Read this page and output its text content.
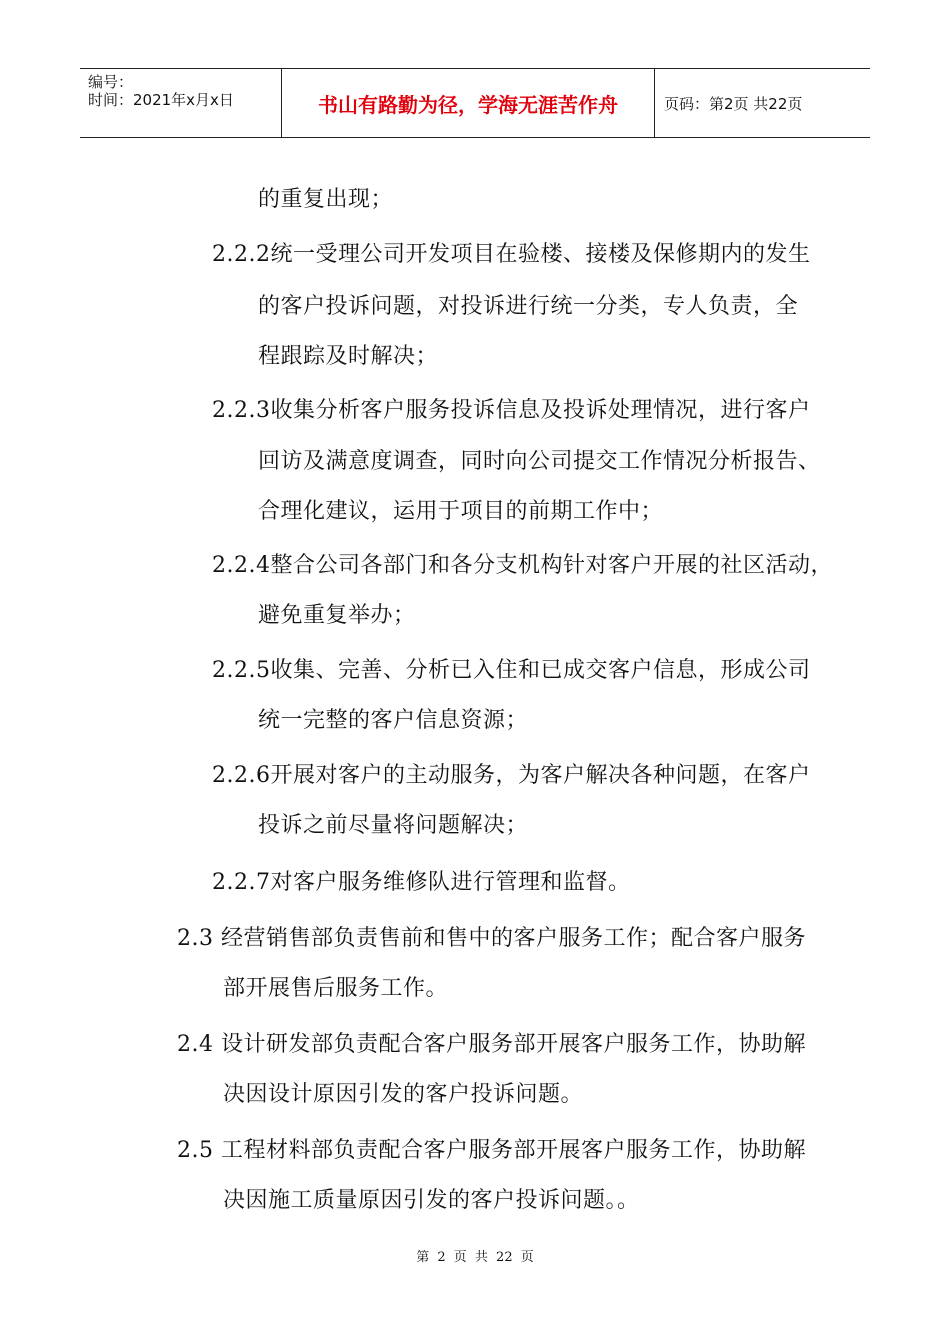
编号：
时间：2021年x月x日	书山有路勤为径，学海无涯苦作舟	页码：第2页 共22页
的重复出现；
2.2.2统一受理公司开发项目在验楼、接楼及保修期内的发生
的客户投诉问题，对投诉进行统一分类，专人负责，全
程跟踪及时解决；
2.2.3收集分析客户服务投诉信息及投诉处理情况，进行客户
回访及满意度调查，同时向公司提交工作情况分析报告、
合理化建议，运用于项目的前期工作中；
2.2.4整合公司各部门和各分支机构针对客户开展的社区活动，
避免重复举办；
2.2.5收集、完善、分析已入住和已成交客户信息，形成公司
统一完整的客户信息资源；
2.2.6开展对客户的主动服务，为客户解决各种问题，在客户
投诉之前尽量将问题解决；
2.2.7对客户服务维修队进行管理和监督。
2.3 经营销售部负责售前和售中的客户服务工作；配合客户服务
部开展售后服务工作。
2.4 设计研发部负责配合客户服务部开展客户服务工作，协助解
决因设计原因引发的客户投诉问题。
2.5 工程材料部负责配合客户服务部开展客户服务工作，协助解
决因施工质量原因引发的客户投诉问题。。
第 2 页 共 22 页
